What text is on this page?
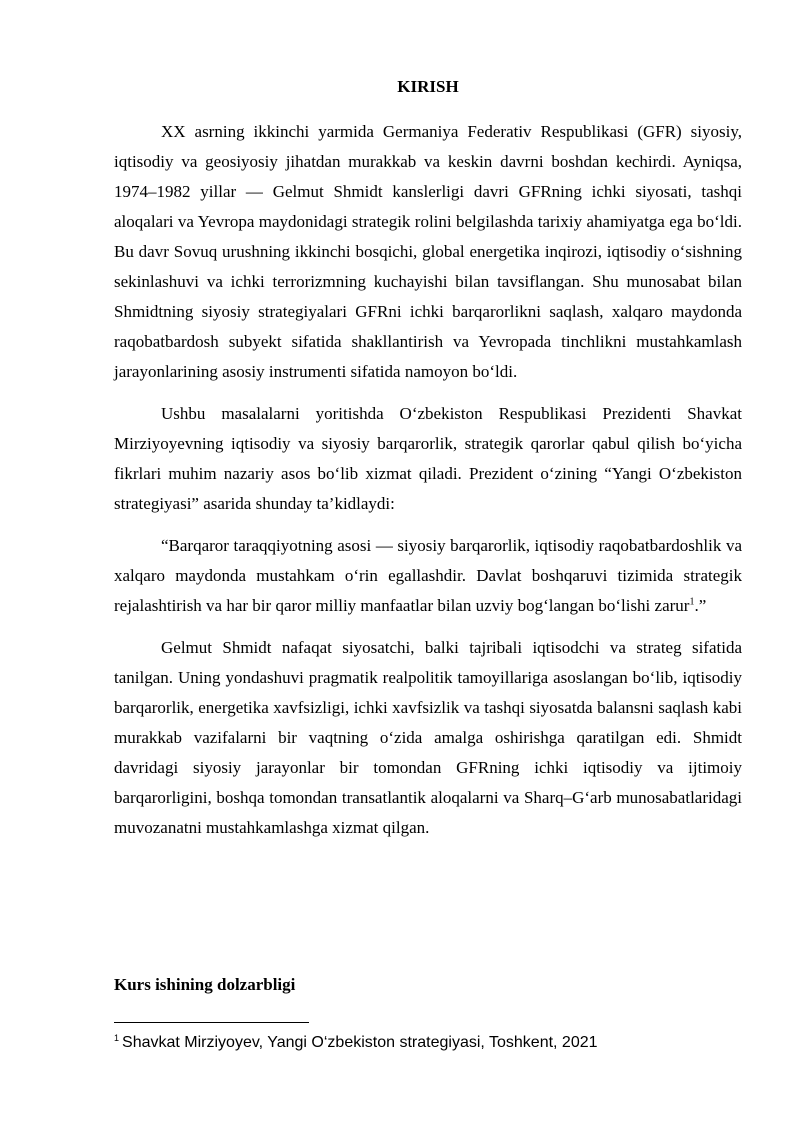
KIRISH

XX asrning ikkinchi yarmida Germaniya Federativ Respublikasi (GFR) siyosiy, iqtisodiy va geosiyosiy jihatdan murakkab va keskin davrni boshdan kechirdi. Ayniqsa, 1974–1982 yillar — Gelmut Shmidt kanslerligi davri GFRning ichki siyosati, tashqi aloqalari va Yevropa maydonidagi strategik rolini belgilashda tarixiy ahamiyatga ega bo‘ldi. Bu davr Sovuq urushning ikkinchi bosqichi, global energetika inqirozi, iqtisodiy o‘sishning sekinlashuvi va ichki terrorizmning kuchayishi bilan tavsiflangan. Shu munosabat bilan Shmidtning siyosiy strategiyalari GFRni ichki barqarorlikni saqlash, xalqaro maydonda raqobatbardosh subyekt sifatida shakllantirish va Yevropada tinchlikni mustahkamlash jarayonlarining asosiy instrumenti sifatida namoyon bo‘ldi.

Ushbu masalalarni yoritishda O‘zbekiston Respublikasi Prezidenti Shavkat Mirziyoyevning iqtisodiy va siyosiy barqarorlik, strategik qarorlar qabul qilish bo‘yicha fikrlari muhim nazariy asos bo‘lib xizmat qiladi. Prezident o‘zining “Yangi O‘zbekiston strategiyasi” asarida shunday ta’kidlaydi:

“Barqaror taraqqiyotning asosi — siyosiy barqarorlik, iqtisodiy raqobatbardoshlik va xalqaro maydonda mustahkam o‘rin egallashdir. Davlat boshqaruvi tizimida strategik rejalashtirish va har bir qaror milliy manfaatlar bilan uzviy bog‘langan bo‘lishi zarur$^1$.”

Gelmut Shmidt nafaqat siyosatchi, balki tajribali iqtisodchi va strateg sifatida tanilgan. Uning yondashuvi pragmatik realpolitik tamoyillariga asoslangan bo‘lib, iqtisodiy barqarorlik, energetika xavfsizligi, ichki xavfsizlik va tashqi siyosatda balansni saqlash kabi murakkab vazifalarni bir vaqtning o‘zida amalga oshirishga qaratilgan edi. Shmidt davridagi siyosiy jarayonlar bir tomondan GFRning ichki iqtisodiy va ijtimoiy barqarorligini, boshqa tomondan transatlantik aloqalarni va Sharq–G‘arb munosabatlaridagi muvozanatni mustahkamlashga xizmat qilgan.

Kurs ishining dolzarbligi

$^1$ Shavkat Mirziyoyev, Yangi O‘zbekiston strategiyasi, Toshkent, 2021
